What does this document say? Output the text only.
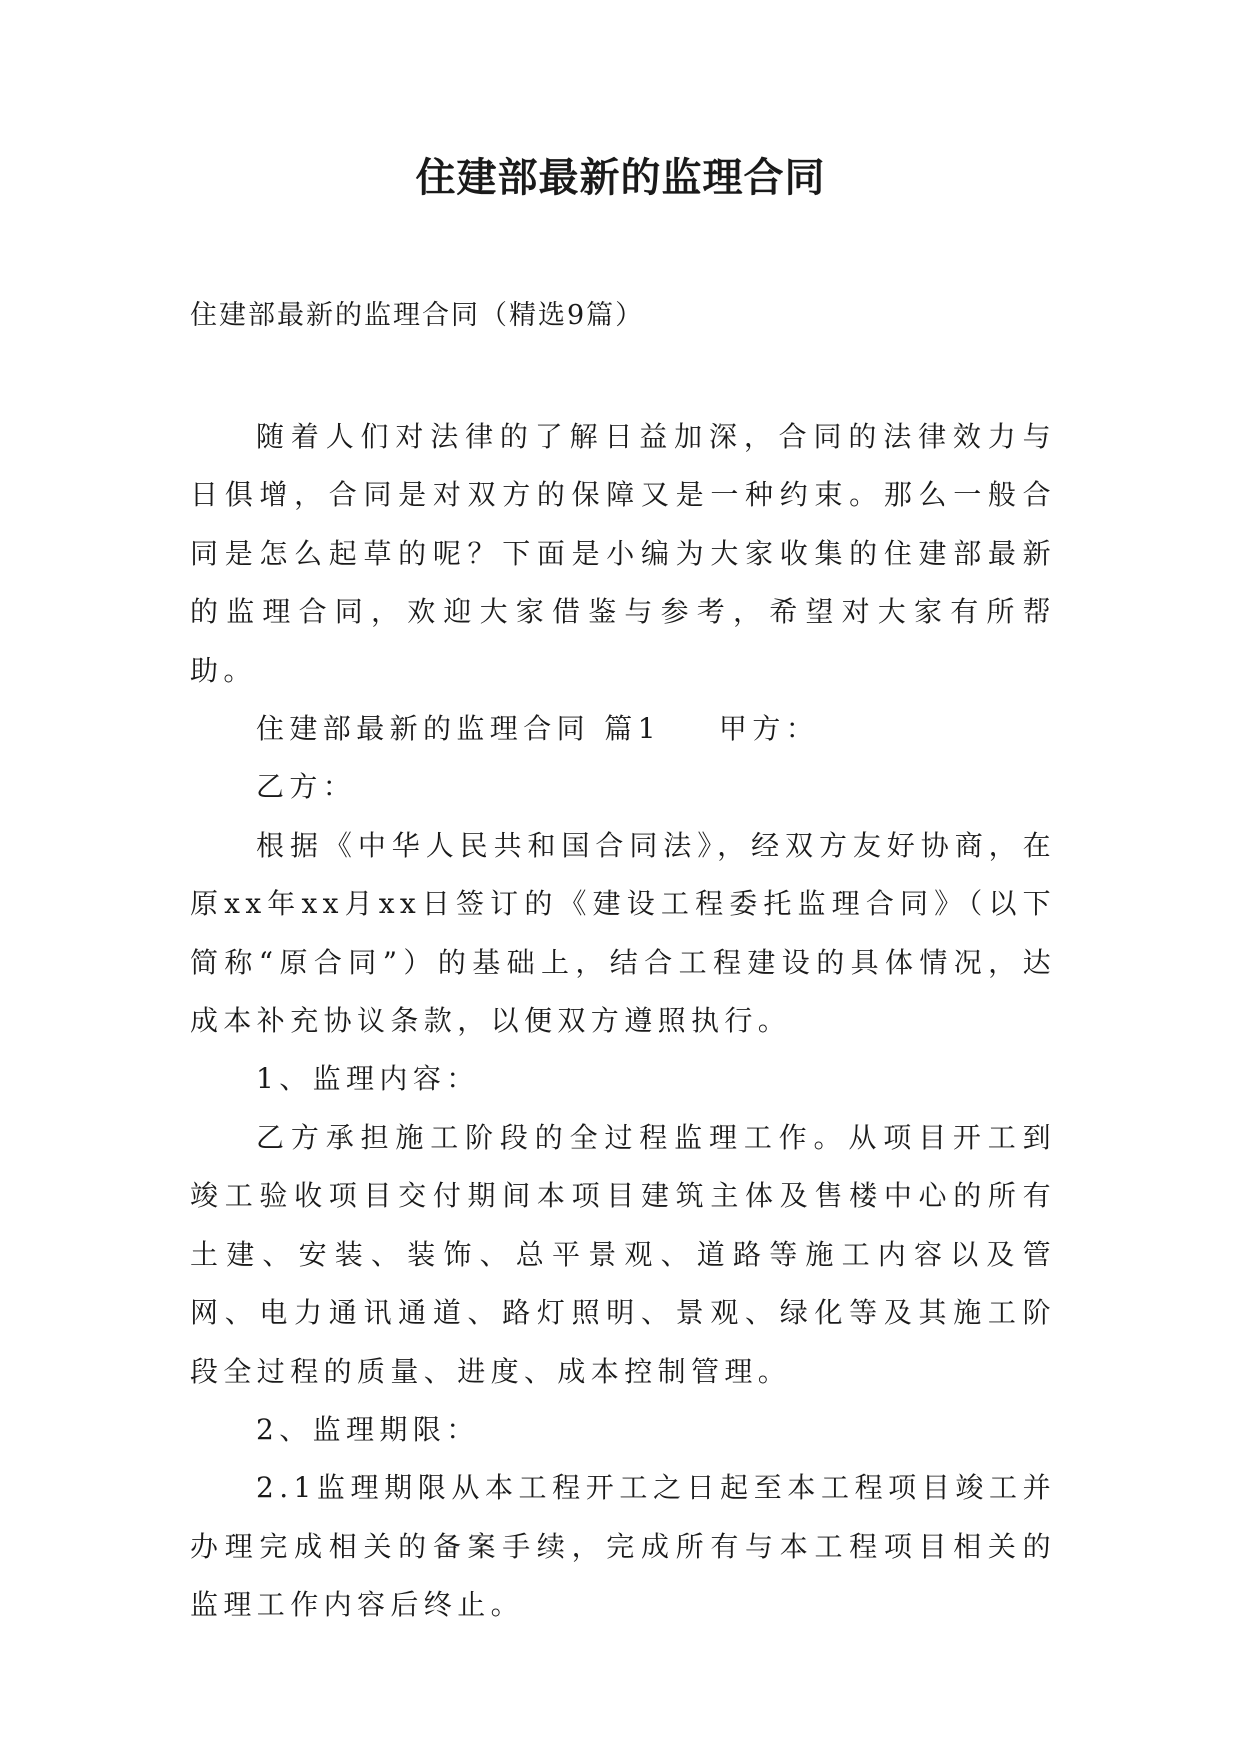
住建部最新的监理合同

住建部最新的监理合同（精选9篇）

随着人们对法律的了解日益加深，合同的法律效力与日俱增，合同是对双方的保障又是一种约束。那么一般合同是怎么起草的呢？下面是小编为大家收集的住建部最新的监理合同，欢迎大家借鉴与参考，希望对大家有所帮助。

住建部最新的监理合同 篇1 甲方：

乙方：

根据《中华人民共和国合同法》，经双方友好协商，在原xx年xx月xx日签订的《建设工程委托监理合同》（以下简称“原合同”）的基础上，结合工程建设的具体情况，达成本补充协议条款，以便双方遵照执行。

1、监理内容：

乙方承担施工阶段的全过程监理工作。从项目开工到竣工验收项目交付期间本项目建筑主体及售楼中心的所有土建、安装、装饰、总平景观、道路等施工内容以及管网、电力通讯通道、路灯照明、景观、绿化等及其施工阶段全过程的质量、进度、成本控制管理。

2、监理期限：

2.1监理期限从本工程开工之日起至本工程项目竣工并办理完成相关的备案手续，完成所有与本工程项目相关的监理工作内容后终止。
